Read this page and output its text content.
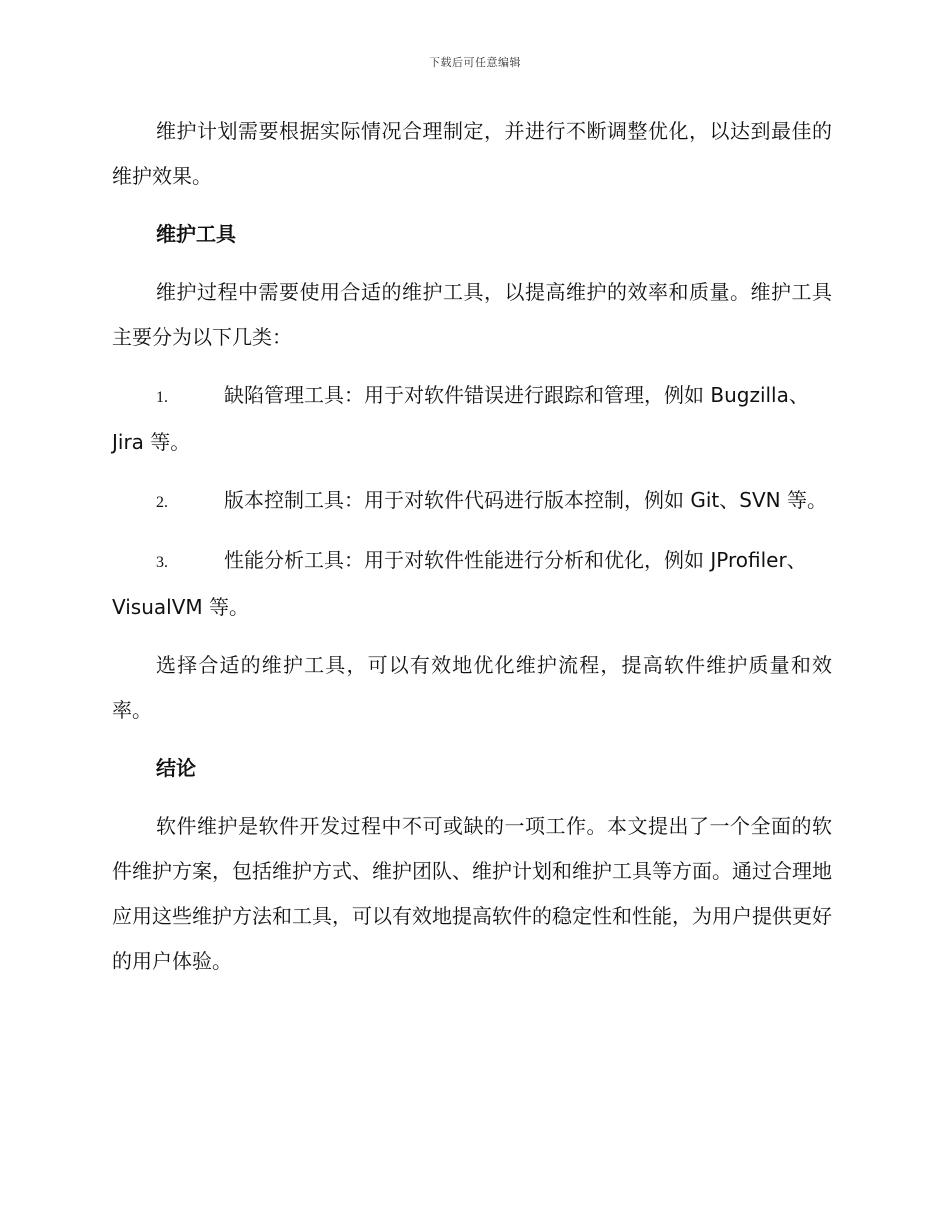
下载后可任意编辑

维护计划需要根据实际情况合理制定，并进行不断调整优化，以达到最佳的维护效果。

维护工具

维护过程中需要使用合适的维护工具，以提高维护的效率和质量。维护工具主要分为以下几类：

1.	缺陷管理工具：用于对软件错误进行跟踪和管理，例如 Bugzilla、Jira 等。

2.	版本控制工具：用于对软件代码进行版本控制，例如 Git、SVN 等。

3.	性能分析工具：用于对软件性能进行分析和优化，例如 JProfiler、VisualVM 等。

选择合适的维护工具，可以有效地优化维护流程，提高软件维护质量和效率。

结论

软件维护是软件开发过程中不可或缺的一项工作。本文提出了一个全面的软件维护方案，包括维护方式、维护团队、维护计划和维护工具等方面。通过合理地应用这些维护方法和工具，可以有效地提高软件的稳定性和性能，为用户提供更好的用户体验。
